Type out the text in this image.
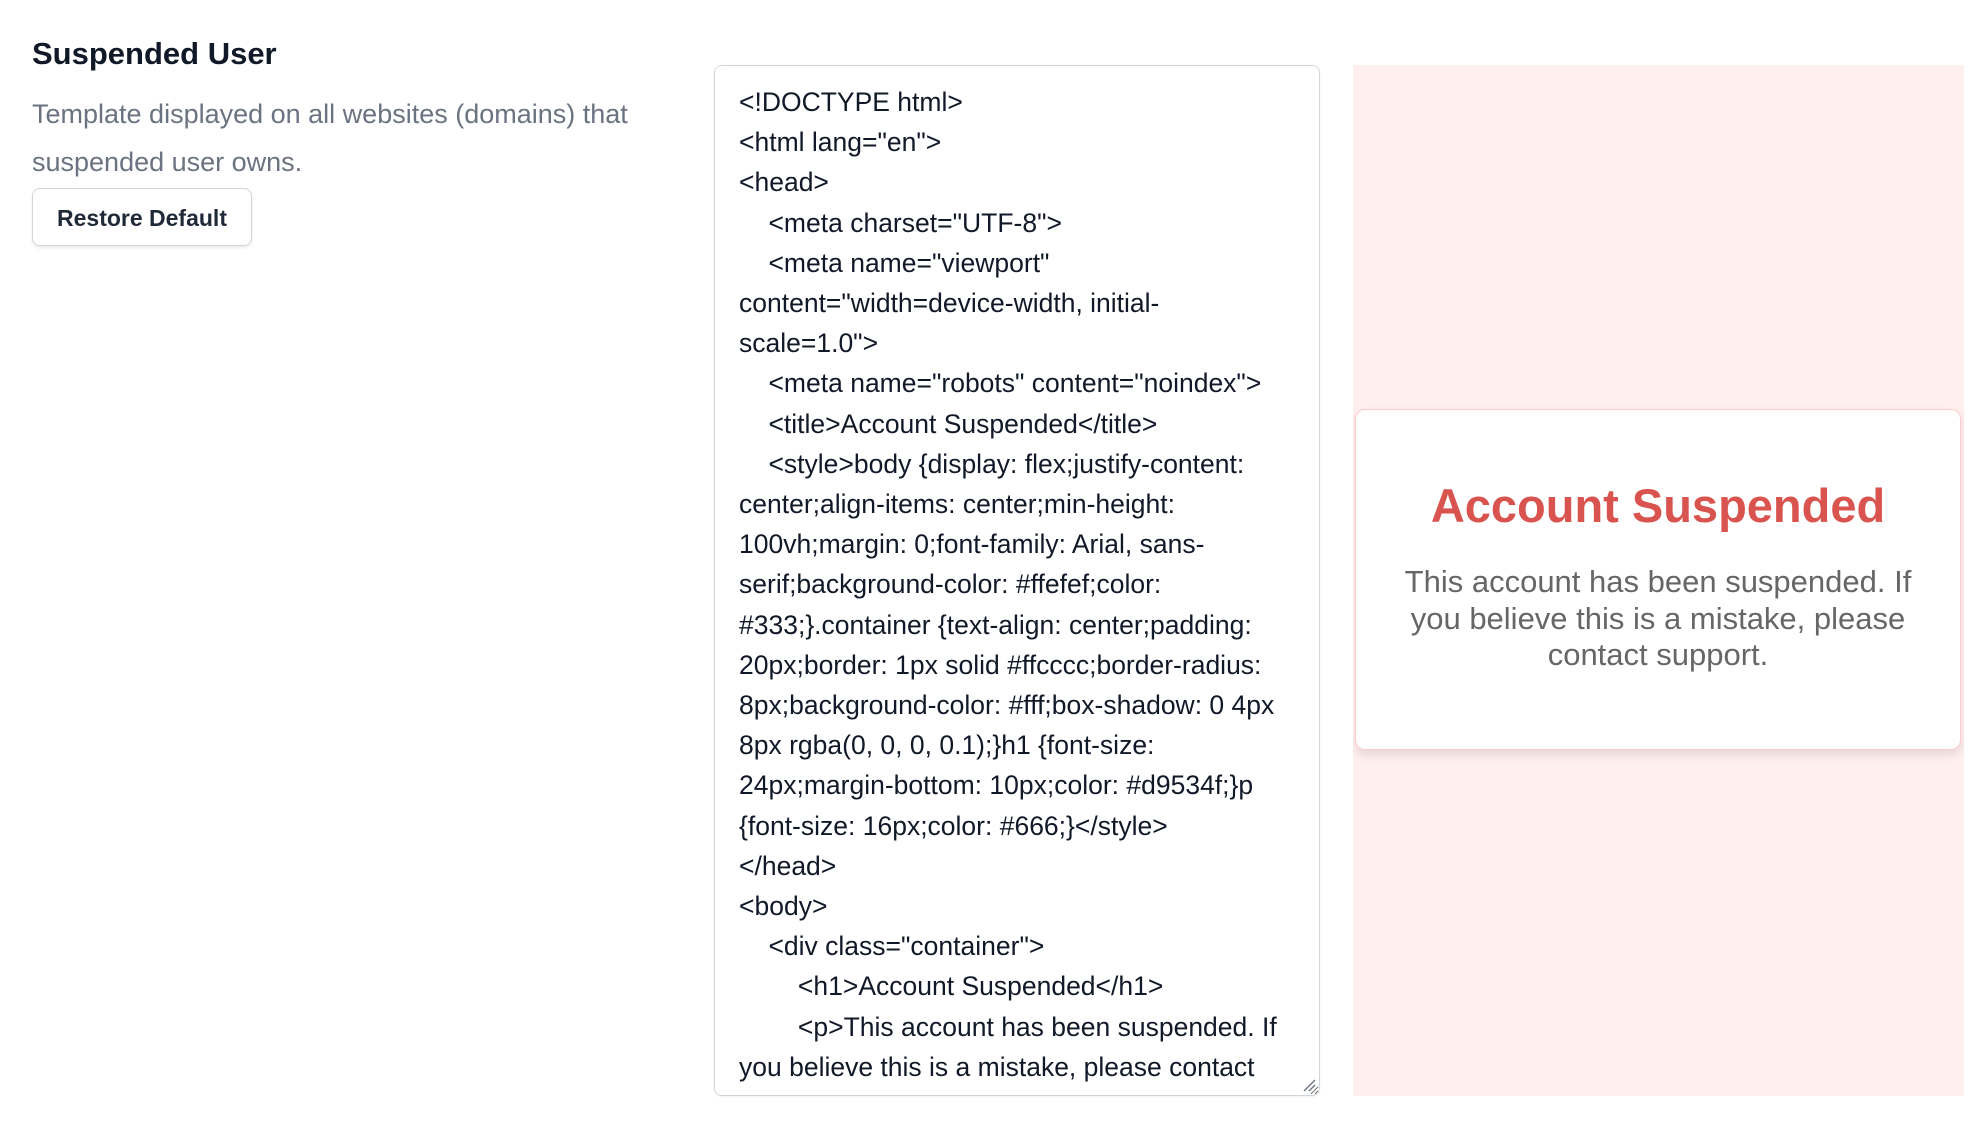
Suspended User
Template displayed on all websites (domains) that suspended user owns.
Restore Default
<!DOCTYPE html> <html lang="en"> <head> <meta charset="UTF-8"> <meta name="viewport" content="width=device-width, initial-scale=1.0"> <meta name="robots" content="noindex"> <title>Account Suspended</title> <style>body {display: flex;justify-content: center;align-items: center;min-height: 100vh;margin: 0;font-family: Arial, sans-serif;background-color: #ffefef;color: #333;}.container {text-align: center;padding: 20px;border: 1px solid #ffcccc;border-radius: 8px;background-color: #fff;box-shadow: 0 4px 8px rgba(0, 0, 0, 0.1);}h1 {font-size: 24px;margin-bottom: 10px;color: #d9534f;}p {font-size: 16px;color: #666;}</style> </head> <body> <div class="container"> <h1>Account Suspended</h1> <p>This account has been suspended. If you believe this is a mistake, please contact support.</p> </div> </body> </html>
Account Suspended

This account has been suspended. If you believe this is a mistake, please contact support.
